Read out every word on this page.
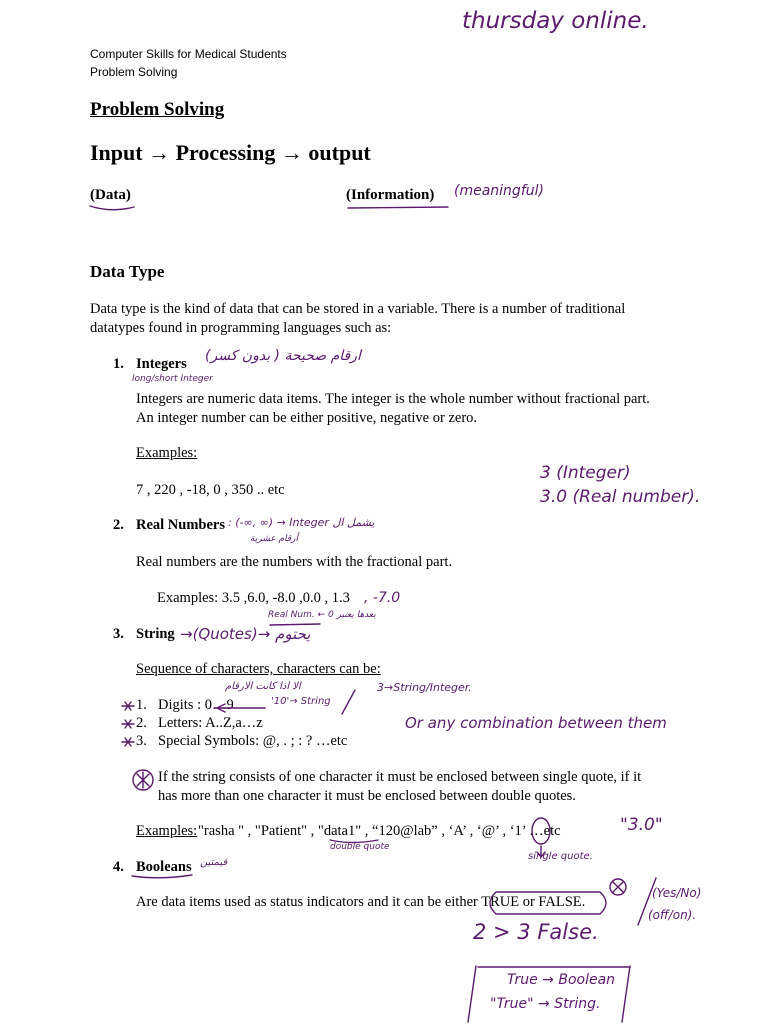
Computer Skills for Medical Students
Problem Solving
Problem Solving
Input → Processing → output
(Data)	(Information)
Data Type
Data type is the kind of data that can be stored in a variable. There is a number of traditional
datatypes found in programming languages such as:
1. Integers
Integers are numeric data items. The integer is the whole number without fractional part.
An integer number can be either positive, negative or zero.
Examples:
7 , 220 , -18, 0 , 350 .. etc
2. Real Numbers
Real numbers are the numbers with the fractional part.
Examples: 3.5 ,6.0, -8.0 ,0.0 , 1.3
3. String
Sequence of characters, characters can be:
1. Digits : 0…9
2. Letters: A..Z,a…z
3. Special Symbols: @, . ; : ? …etc
If the string consists of one character it must be enclosed between single quote, if it
has more than one character it must be enclosed between double quotes.
Examples: "rasha " , "Patient" , "data1" , “120@lab” , ‘A’ , ‘@’ , ‘1’ …etc
4. Booleans
Are data items used as status indicators and it can be either TRUE or FALSE.
thursday online.
(meaningful)
(بدون كسر ) ارقام صحيحة
long/short Integer
3 (Integer)
3.0 (Real number).
: (-∞, ∞) → Integer يشمل ال
أرقام عشرية
, -7.0
Real Num. ← 0 بعدها يعتبر
→(Quotes)→ يحتوم
الا اذا كانت الارقام	3→String/Integer.
'10'→ String
Or any combination between them
"3.0"
double quote
single quote.
قيمتين
(Yes/No)
(off/on).
2 > 3 False.
True → Boolean
"True" → String.
